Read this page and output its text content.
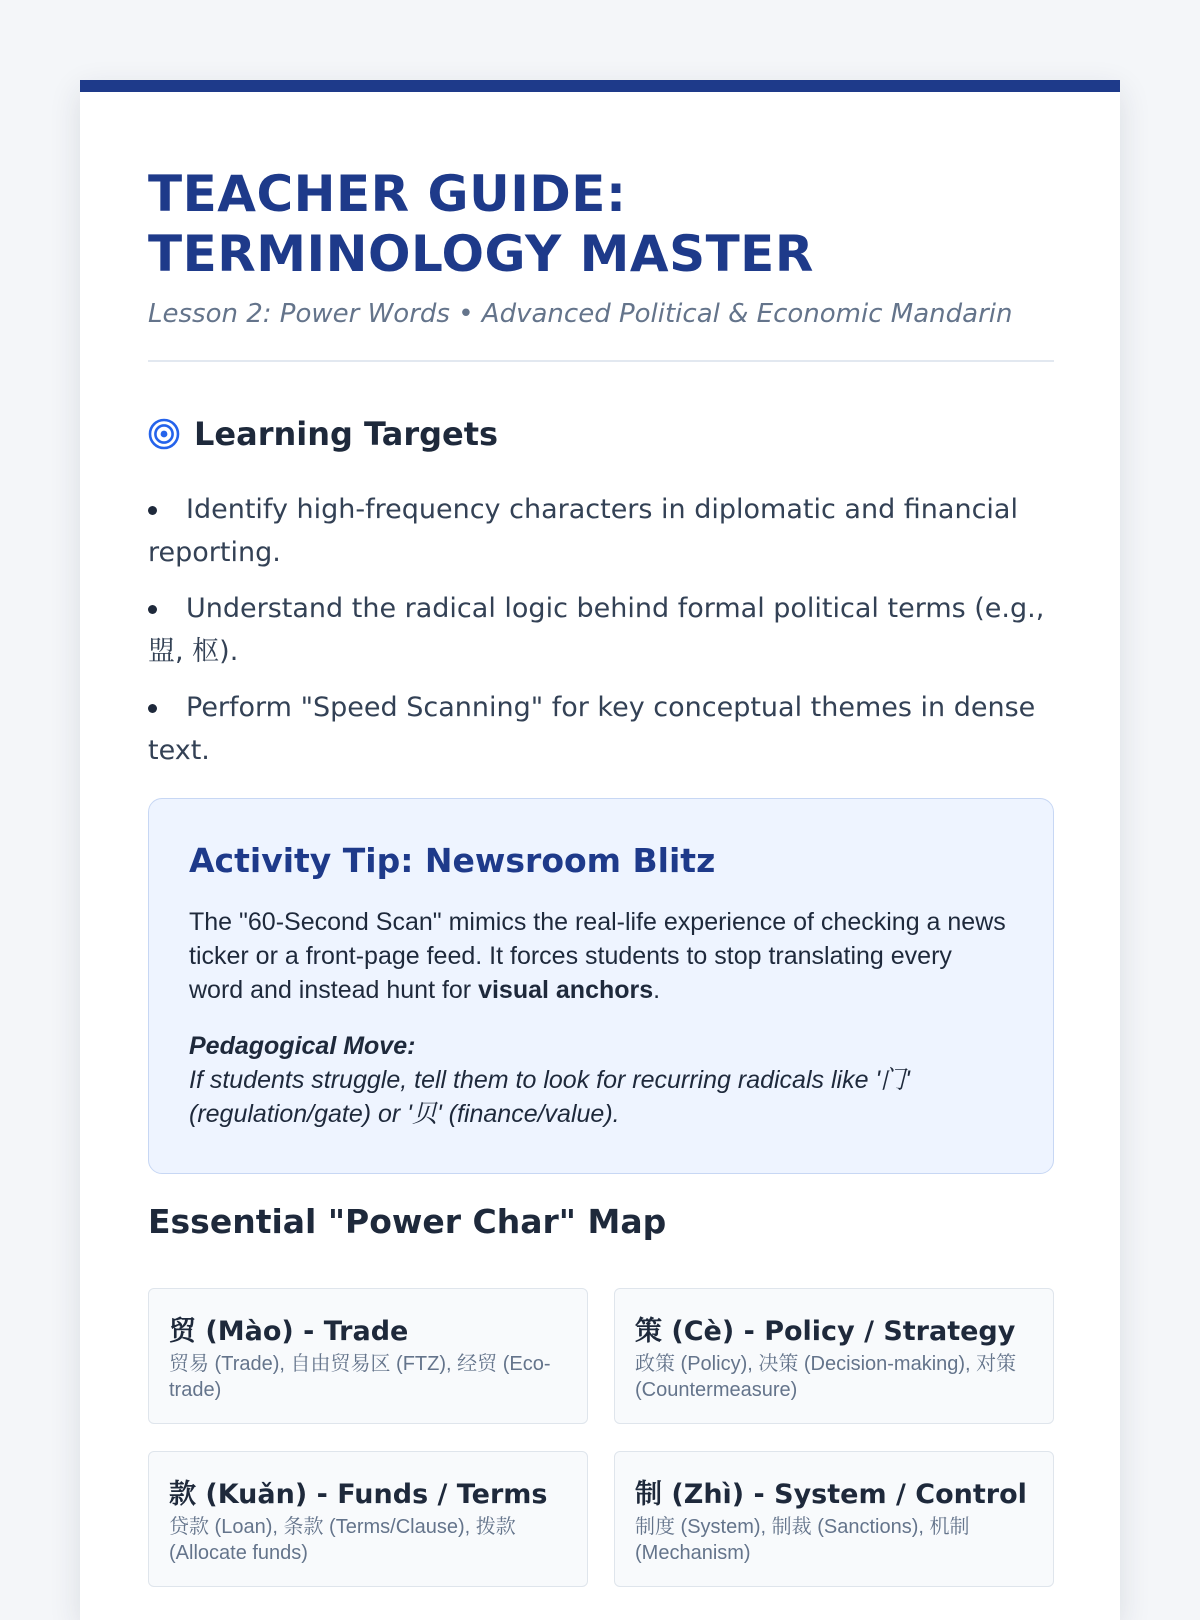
TEACHER GUIDE: TERMINOLOGY MASTER
Lesson 2: Power Words • Advanced Political & Economic Mandarin
Learning Targets
Identify high-frequency characters in diplomatic and financial reporting.
Understand the radical logic behind formal political terms (e.g., 盟, 枢).
Perform "Speed Scanning" for key conceptual themes in dense text.
Activity Tip: Newsroom Blitz

The "60-Second Scan" mimics the real-life experience of checking a news ticker or a front-page feed. It forces students to stop translating every word and instead hunt for visual anchors.

Pedagogical Move:
If students struggle, tell them to look for recurring radicals like '门' (regulation/gate) or '贝' (finance/value).
Essential "Power Char" Map
贸 (Mào) - Trade
贸易 (Trade), 自由贸易区 (FTZ), 经贸 (Eco-trade)
策 (Cè) - Policy / Strategy
政策 (Policy), 决策 (Decision-making), 对策 (Countermeasure)
款 (Kuǎn) - Funds / Terms
贷款 (Loan), 条款 (Terms/Clause), 拨款 (Allocate funds)
制 (Zhì) - System / Control
制度 (System), 制裁 (Sanctions), 机制 (Mechanism)
